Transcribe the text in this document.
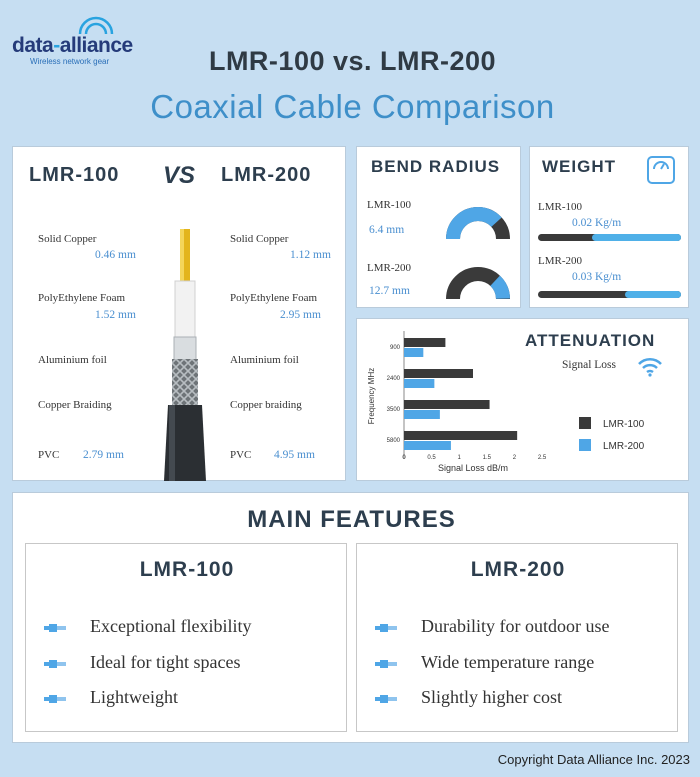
data-alliance
Wireless network gear	LMR-100 vs. LMR-200
Coaxial Cable Comparison
LMR-100 VS LMR-200
Solid Copper
0.46 mm
Solid Copper
1.12 mm
PolyEthylene Foam
1.52 mm
PolyEthylene Foam
2.95 mm
Aluminium foil	Aluminium foil
Copper Braiding	Copper braiding
PVC 2.79 mm	PVC 4.95 mm
BEND RADIUS
LMR-100
6.4 mm
LMR-200
12.7 mm
WEIGHT
LMR-100
0.02 Kg/m
LMR-200
0.03 Kg/m
ATTENUATION
Signal Loss
900
2400
3500
5800
0	0.5	1	1.5	2	2.5
Signal Loss dB/m
Frequency MHz
LMR-100
LMR-200
MAIN FEATURES
LMR-100
Exceptional flexibility
Ideal for tight spaces
Lightweight
LMR-200
Durability for outdoor use
Wide temperature range
Slightly higher cost
Copyright Data Alliance Inc. 2023
